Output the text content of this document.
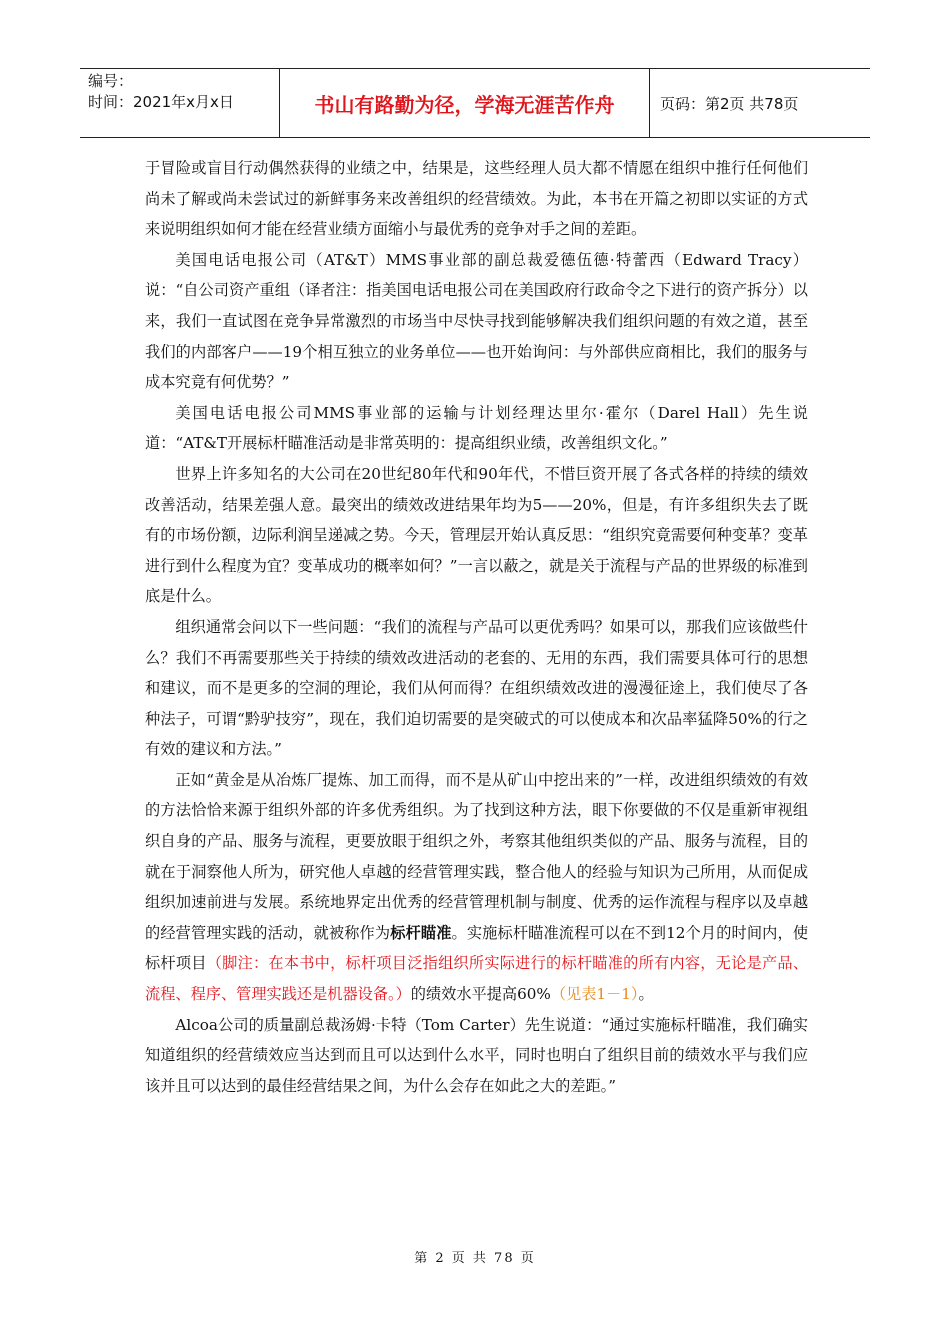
编号：
时间：2021年x月x日	书山有路勤为径，学海无涯苦作舟	页码：第2页 共78页

于冒险或盲目行动偶然获得的业绩之中，结果是，这些经理人员大都不情愿在组织中推行任何他们尚未了解或尚未尝试过的新鲜事务来改善组织的经营绩效。为此，本书在开篇之初即以实证的方式来说明组织如何才能在经营业绩方面缩小与最优秀的竞争对手之间的差距。

美国电话电报公司（AT&T）MMS事业部的副总裁爱德伍德·特蕾西（Edward Tracy）说：“自公司资产重组（译者注：指美国电话电报公司在美国政府行政命令之下进行的资产拆分）以来，我们一直试图在竞争异常激烈的市场当中尽快寻找到能够解决我们组织问题的有效之道，甚至我们的内部客户——19个相互独立的业务单位——也开始询问：与外部供应商相比，我们的服务与成本究竟有何优势？”

美国电话电报公司MMS事业部的运输与计划经理达里尔·霍尔（Darel Hall）先生说道：“AT&T开展标杆瞄准活动是非常英明的：提高组织业绩，改善组织文化。”

世界上许多知名的大公司在20世纪80年代和90年代，不惜巨资开展了各式各样的持续的绩效改善活动，结果差强人意。最突出的绩效改进结果年均为5——20%，但是，有许多组织失去了既有的市场份额，边际利润呈递减之势。今天，管理层开始认真反思：“组织究竟需要何种变革？变革进行到什么程度为宜？变革成功的概率如何？”一言以蔽之，就是关于流程与产品的世界级的标准到底是什么。

组织通常会问以下一些问题：“我们的流程与产品可以更优秀吗？如果可以，那我们应该做些什么？我们不再需要那些关于持续的绩效改进活动的老套的、无用的东西，我们需要具体可行的思想和建议，而不是更多的空洞的理论，我们从何而得？在组织绩效改进的漫漫征途上，我们使尽了各种法子，可谓“黔驴技穷”，现在，我们迫切需要的是突破式的可以使成本和次品率猛降50%的行之有效的建议和方法。”

正如“黄金是从冶炼厂提炼、加工而得，而不是从矿山中挖出来的”一样，改进组织绩效的有效的方法恰恰来源于组织外部的许多优秀组织。为了找到这种方法，眼下你要做的不仅是重新审视组织自身的产品、服务与流程，更要放眼于组织之外，考察其他组织类似的产品、服务与流程，目的就在于洞察他人所为，研究他人卓越的经营管理实践，整合他人的经验与知识为己所用，从而促成组织加速前进与发展。系统地界定出优秀的经营管理机制与制度、优秀的运作流程与程序以及卓越的经营管理实践的活动，就被称作为标杆瞄准。实施标杆瞄准流程可以在不到12个月的时间内，使标杆项目（脚注：在本书中，标杆项目泛指组织所实际进行的标杆瞄准的所有内容，无论是产品、流程、程序、管理实践还是机器设备。）的绩效水平提高60%（见表1－1）。

Alcoa公司的质量副总裁汤姆·卡特（Tom Carter）先生说道：“通过实施标杆瞄准，我们确实知道组织的经营绩效应当达到而且可以达到什么水平，同时也明白了组织目前的绩效水平与我们应该并且可以达到的最佳经营结果之间，为什么会存在如此之大的差距。”

第 2 页 共 78 页
